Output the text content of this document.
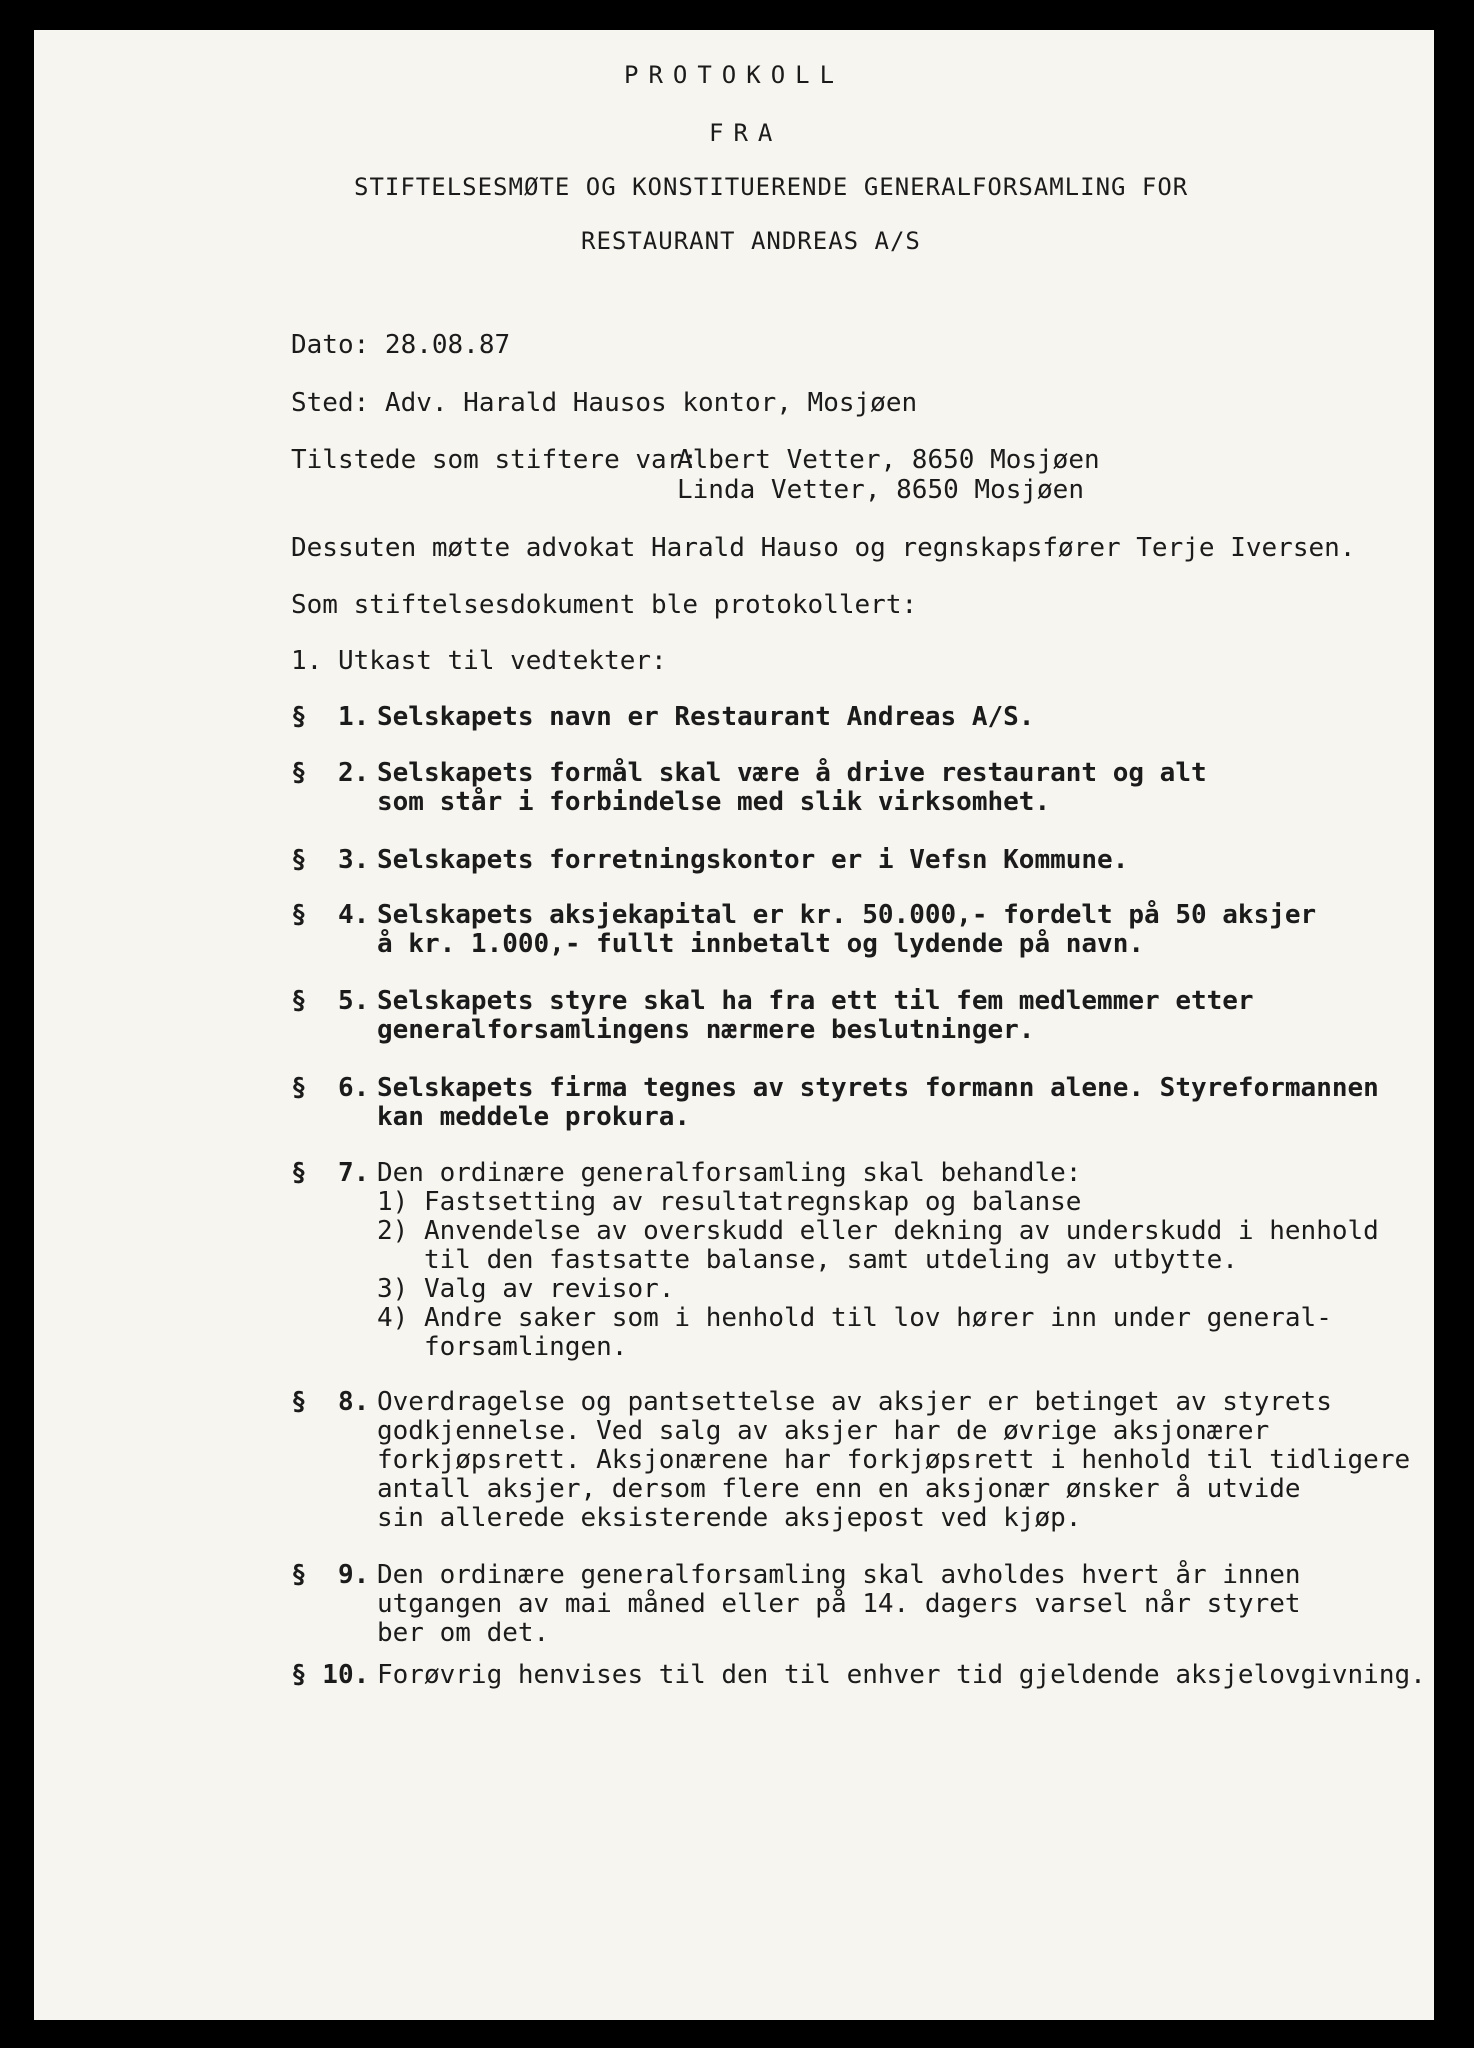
PROTOKOLL
FRA
STIFTELSESMØTE OG KONSTITUERENDE GENERALFORSAMLING FOR
RESTAURANT ANDREAS A/S
Dato: 28.08.87
Sted: Adv. Harald Hausos kontor, Mosjøen
Tilstede som stiftere var:
Albert Vetter, 8650 Mosjøen
Linda Vetter, 8650 Mosjøen
Dessuten møtte advokat Harald Hauso og regnskapsfører Terje Iversen.
Som stiftelsesdokument ble protokollert:
1. Utkast til vedtekter:
§  1. Selskapets navn er Restaurant Andreas A/S.
§  2. Selskapets formål skal være å drive restaurant og alt
som står i forbindelse med slik virksomhet.
§  3. Selskapets forretningskontor er i Vefsn Kommune.
§  4. Selskapets aksjekapital er kr. 50.000,- fordelt på 50 aksjer
å kr. 1.000,- fullt innbetalt og lydende på navn.
§  5. Selskapets styre skal ha fra ett til fem medlemmer etter
generalforsamlingens nærmere beslutninger.
§  6. Selskapets firma tegnes av styrets formann alene. Styreformannen
kan meddele prokura.
§  7. Den ordinære generalforsamling skal behandle:
1) Fastsetting av resultatregnskap og balanse
2) Anvendelse av overskudd eller dekning av underskudd i henhold
til den fastsatte balanse, samt utdeling av utbytte.
3) Valg av revisor.
4) Andre saker som i henhold til lov hører inn under general-
forsamlingen.
§  8. Overdragelse og pantsettelse av aksjer er betinget av styrets
godkjennelse. Ved salg av aksjer har de øvrige aksjonærer
forkjøpsrett. Aksjonærene har forkjøpsrett i henhold til tidligere
antall aksjer, dersom flere enn en aksjonær ønsker å utvide
sin allerede eksisterende aksjepost ved kjøp.
§  9. Den ordinære generalforsamling skal avholdes hvert år innen
utgangen av mai måned eller på 14. dagers varsel når styret
ber om det.
§ 10. Forøvrig henvises til den til enhver tid gjeldende aksjelovgivning.
